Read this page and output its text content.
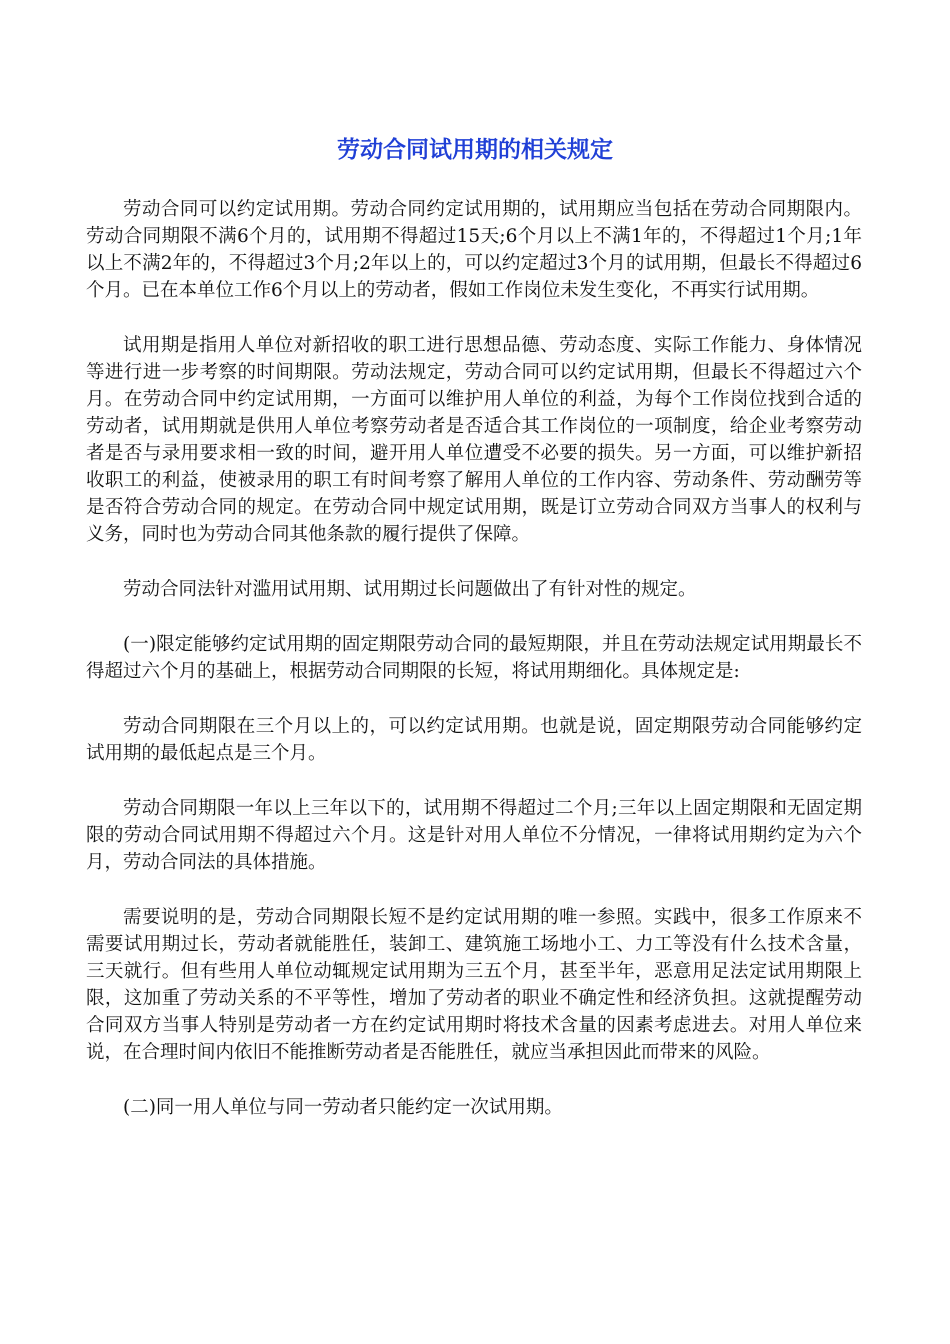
劳动合同试用期的相关规定

劳动合同可以约定试用期。劳动合同约定试用期的，试用期应当包括在劳动合同期限内。劳动合同期限不满6个月的，试用期不得超过15天;6个月以上不满1年的，不得超过1个月;1年以上不满2年的，不得超过3个月;2年以上的，可以约定超过3个月的试用期，但最长不得超过6个月。已在本单位工作6个月以上的劳动者，假如工作岗位未发生变化，不再实行试用期。

试用期是指用人单位对新招收的职工进行思想品德、劳动态度、实际工作能力、身体情况等进行进一步考察的时间期限。劳动法规定，劳动合同可以约定试用期，但最长不得超过六个月。在劳动合同中约定试用期，一方面可以维护用人单位的利益，为每个工作岗位找到合适的劳动者，试用期就是供用人单位考察劳动者是否适合其工作岗位的一项制度，给企业考察劳动者是否与录用要求相一致的时间，避开用人单位遭受不必要的损失。另一方面，可以维护新招收职工的利益，使被录用的职工有时间考察了解用人单位的工作内容、劳动条件、劳动酬劳等是否符合劳动合同的规定。在劳动合同中规定试用期，既是订立劳动合同双方当事人的权利与义务，同时也为劳动合同其他条款的履行提供了保障。

劳动合同法针对滥用试用期、试用期过长问题做出了有针对性的规定。

(一)限定能够约定试用期的固定期限劳动合同的最短期限，并且在劳动法规定试用期最长不得超过六个月的基础上，根据劳动合同期限的长短，将试用期细化。具体规定是:

劳动合同期限在三个月以上的，可以约定试用期。也就是说，固定期限劳动合同能够约定试用期的最低起点是三个月。

劳动合同期限一年以上三年以下的，试用期不得超过二个月;三年以上固定期限和无固定期限的劳动合同试用期不得超过六个月。这是针对用人单位不分情况，一律将试用期约定为六个月，劳动合同法的具体措施。

需要说明的是，劳动合同期限长短不是约定试用期的唯一参照。实践中，很多工作原来不需要试用期过长，劳动者就能胜任，装卸工、建筑施工场地小工、力工等没有什么技术含量，三天就行。但有些用人单位动辄规定试用期为三五个月，甚至半年，恶意用足法定试用期限上限，这加重了劳动关系的不平等性，增加了劳动者的职业不确定性和经济负担。这就提醒劳动合同双方当事人特别是劳动者一方在约定试用期时将技术含量的因素考虑进去。对用人单位来说，在合理时间内依旧不能推断劳动者是否能胜任，就应当承担因此而带来的风险。

(二)同一用人单位与同一劳动者只能约定一次试用期。
